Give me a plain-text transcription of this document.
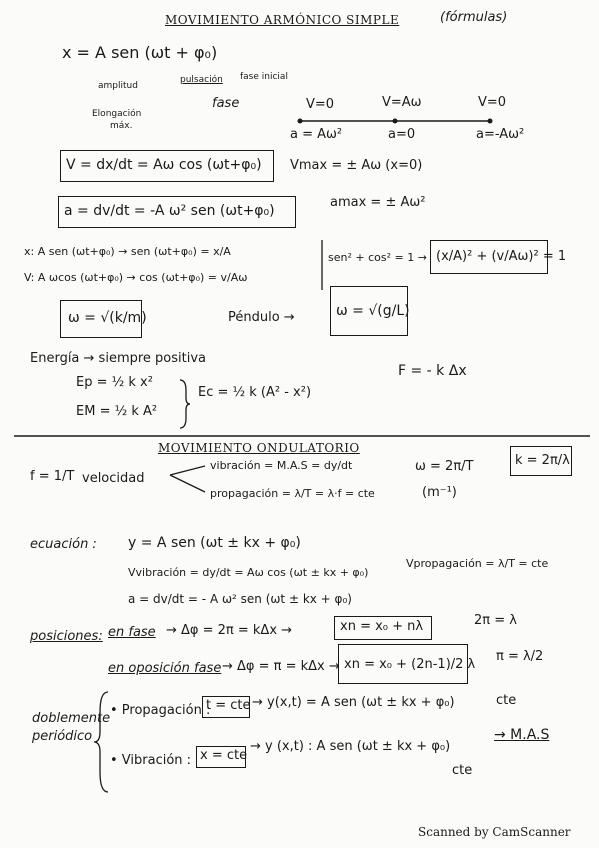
MOVIMIENTO ARMÓNICO SIMPLE	(fórmulas)
x = A sen (ωt + φ₀)
amplitud
Elongación
máx.
pulsación fase inicial
fase	V=0	V=Aω	V=0
a = Aω²	a=0	a=-Aω²
V = dx/dt = Aω cos (ωt+φ₀) Vmax = ± Aω (x=0)
a = dv/dt = -A ω² sen (ωt+φ₀)
amax = ± Aω²
x: A sen (ωt+φ₀) → sen (ωt+φ₀) = x/A
V: A ωcos (ωt+φ₀) → cos (ωt+φ₀) = v/Aω
sen² + cos² = 1 → (x/A)² + (v/Aω)² = 1
ω = √(k/m)	Péndulo →	ω = √(g/L)
Energía → siempre positiva
Ep = ½ k x²
EM = ½ k A²
Ec = ½ k (A² - x²)
F = - k Δx
MOVIMIENTO ONDULATORIO
f = 1/T velocidad
vibración = M.A.S = dy/dt	ω = 2π/T	k = 2π/λ
propagación = λ/T = λ·f = cte	(m⁻¹)
ecuación : y = A sen (ωt ± kx + φ₀)
Vvibración = dy/dt = Aω cos (ωt ± kx + φ₀)
Vpropagación = λ/T = cte
a = dv/dt = - A ω² sen (ωt ± kx + φ₀)
posiciones: en fase → Δφ = 2π = kΔx →	xn = x₀ + nλ	2π = λ
en oposición fase → Δφ = π = kΔx → xn = x₀ + (2n-1)/2 λ
π = λ/2
doblemente
periódico
• Propagación :
t = cte → y(x,t) = A sen (ωt ± kx + φ₀)	cte
• Vibración : x = cte
→ y (x,t) : A sen (ωt ± kx + φ₀)
→ M.A.S
cte
Scanned by CamScanner
